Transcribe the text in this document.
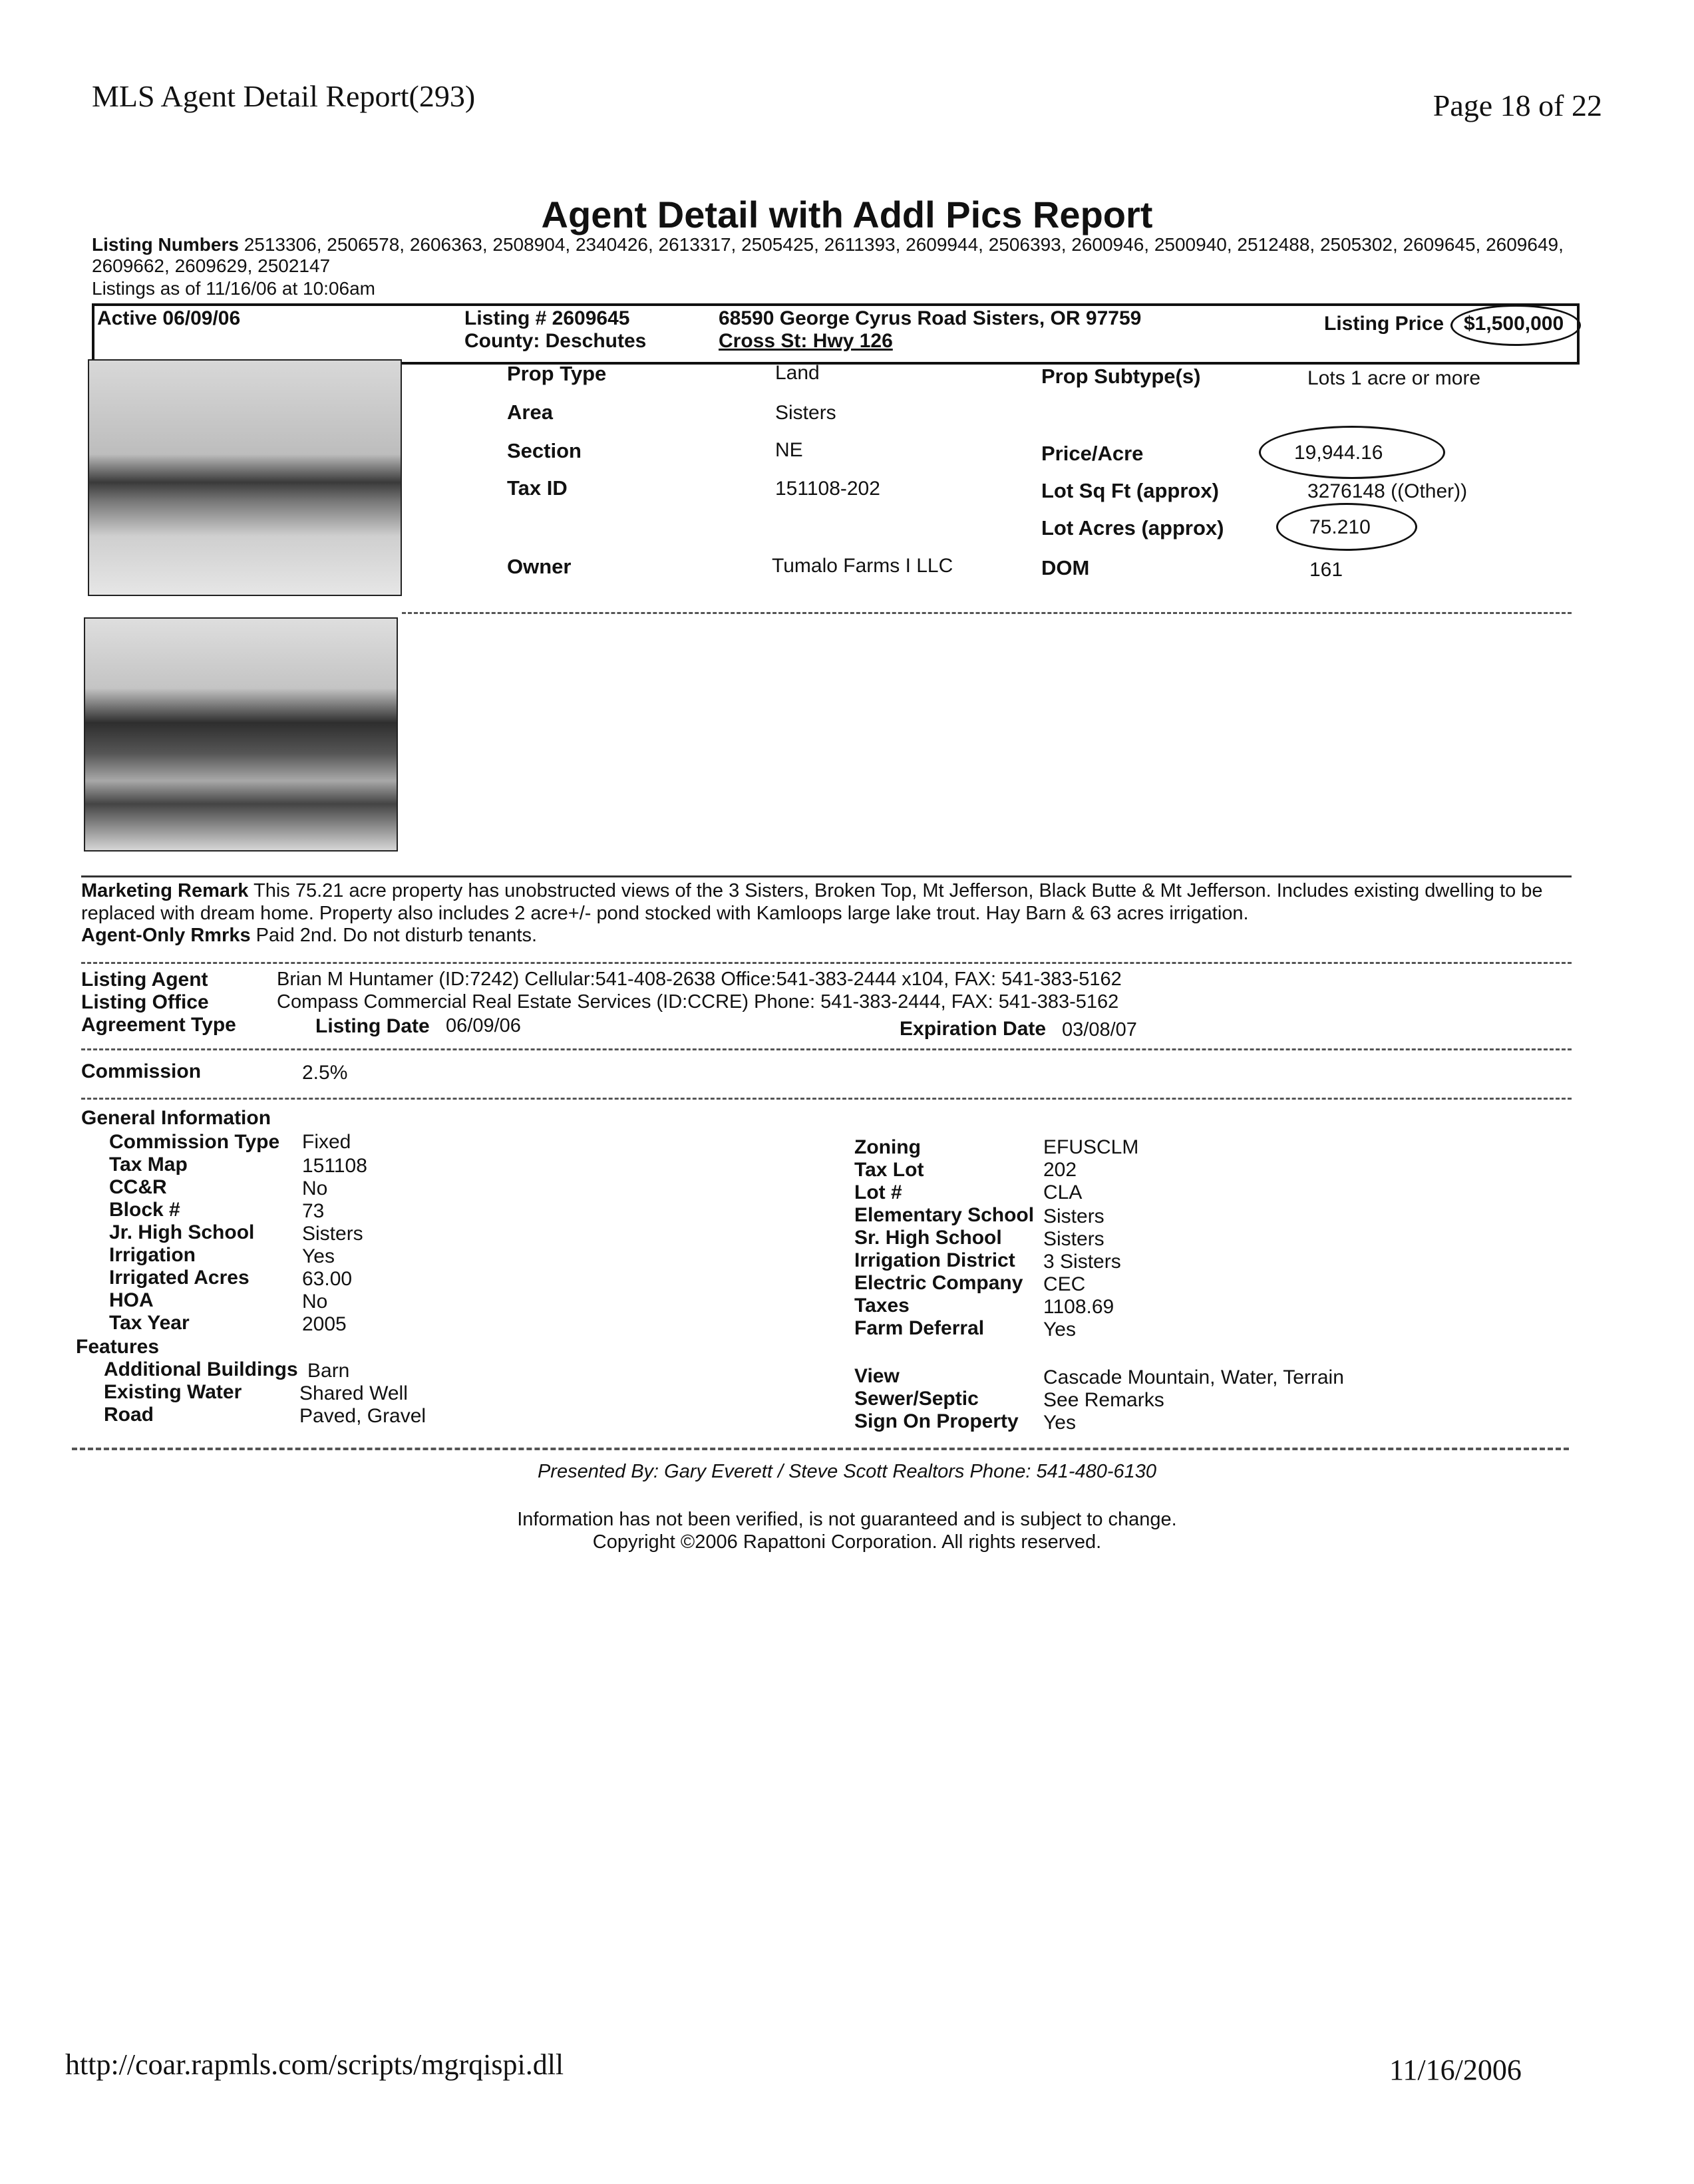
MLS Agent Detail Report(293)	Page 18 of 22
Agent Detail with Addl Pics Report
Listing Numbers 2513306, 2506578, 2606363, 2508904, 2340426, 2613317, 2505425, 2611393, 2609944, 2506393, 2600946, 2500940, 2512488, 2505302, 2609645, 2609649, 2609662, 2609629, 2502147
Listings as of 11/16/06 at 10:06am
Active 06/09/06	Listing # 2609645
County: Deschutes
68590 George Cyrus Road Sisters, OR 97759
Cross St: Hwy 126
Listing Price $1,500,000
Prop Type	Land	Prop Subtype(s)	Lots 1 acre or more
Area	Sisters
Section	NE	Price/Acre	19,944.16
Tax ID	151108-202	Lot Sq Ft (approx)	3276148 ((Other))
Lot Acres (approx)	75.210
Owner	Tumalo Farms I LLC	DOM	161
Marketing Remark This 75.21 acre property has unobstructed views of the 3 Sisters, Broken Top, Mt Jefferson, Black Butte & Mt Jefferson. Includes existing dwelling to be replaced with dream home. Property also includes 2 acre+/- pond stocked with Kamloops large lake trout. Hay Barn & 63 acres irrigation.
Agent-Only Rmrks Paid 2nd. Do not disturb tenants.
Listing Agent	Brian M Huntamer (ID:7242) Cellular:541-408-2638 Office:541-383-2444 x104, FAX: 541-383-5162
Listing Office	Compass Commercial Real Estate Services (ID:CCRE) Phone: 541-383-2444, FAX: 541-383-5162
Agreement Type	Listing Date 06/09/06	Expiration Date 03/08/07
Commission	2.5%
General Information
Commission Type Fixed
Tax Map	151108
CC&R	No
Block #	73
Jr. High School Sisters
Irrigation	Yes
Irrigated Acres	63.00
HOA	No
Tax Year	2005
Zoning	EFUSCLM
Tax Lot	202
Lot #	CLA
Elementary School Sisters
Sr. High School Sisters
Irrigation District 3 Sisters
Electric Company CEC
Taxes	1108.69
Farm Deferral	Yes
Features
Additional Buildings Barn
Existing Water	Shared Well
Road	Paved, Gravel
View	Cascade Mountain, Water, Terrain
Sewer/Septic	See Remarks
Sign On Property Yes
Presented By: Gary Everett / Steve Scott Realtors Phone: 541-480-6130
Information has not been verified, is not guaranteed and is subject to change.
Copyright ©2006 Rapattoni Corporation. All rights reserved.
http://coar.rapmls.com/scripts/mgrqispi.dll	11/16/2006
